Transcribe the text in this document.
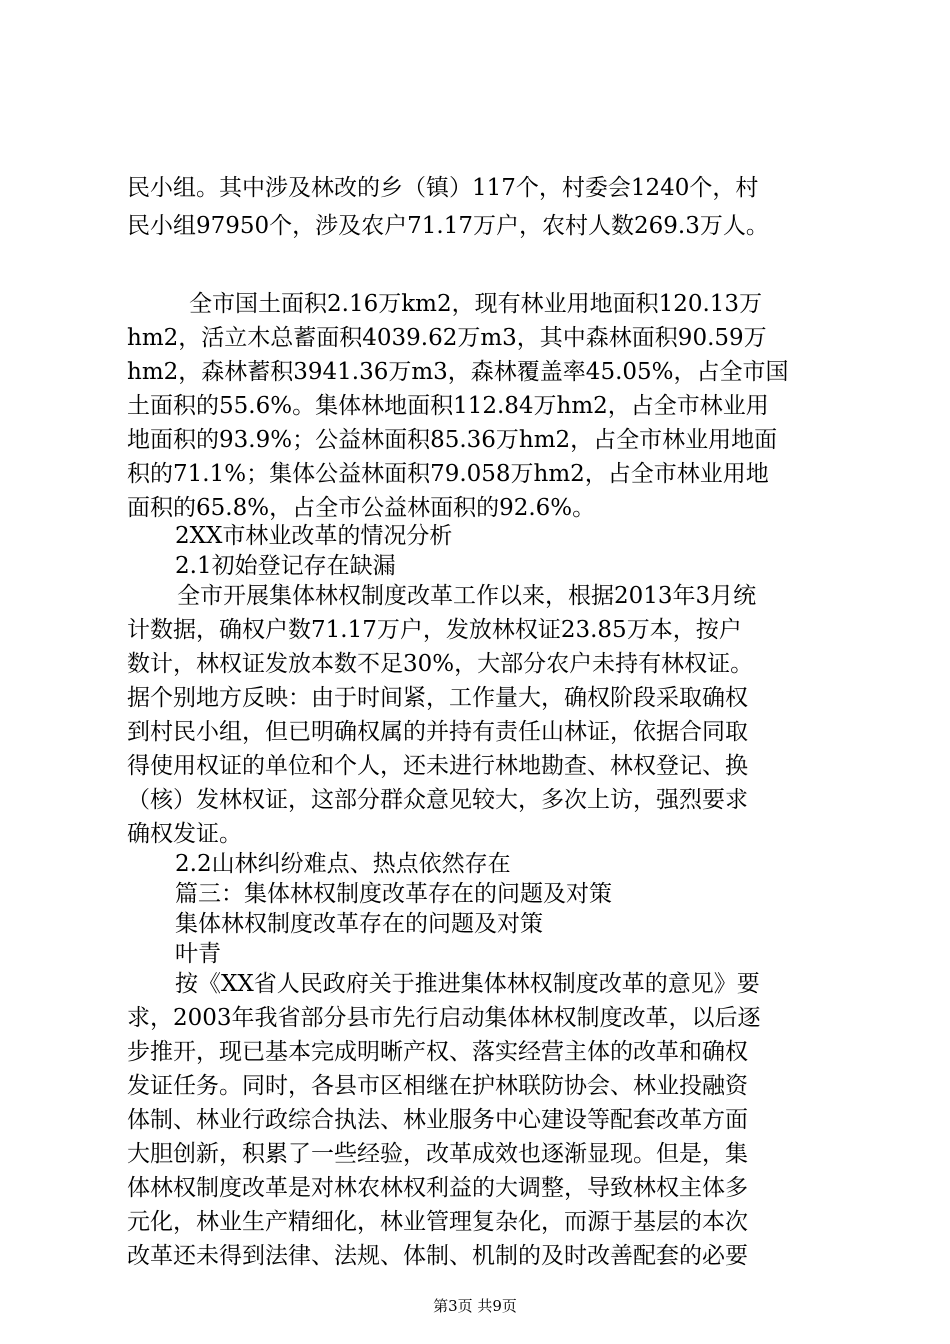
民小组。其中涉及林改的乡（镇）117个，村委会1240个，村
民小组97950个，涉及农户71.17万户，农村人数269.3万人。
全市国土面积2.16万km2，现有林业用地面积120.13万
hm2，活立木总蓄面积4039.62万m3，其中森林面积90.59万
hm2，森林蓄积3941.36万m3，森林覆盖率45.05%，占全市国
土面积的55.6%。集体林地面积112.84万hm2，占全市林业用
地面积的93.9%；公益林面积85.36万hm2，占全市林业用地面
积的71.1%；集体公益林面积79.058万hm2，占全市林业用地
面积的65.8%，占全市公益林面积的92.6%。
2XX市林业改革的情况分析
2.1初始登记存在缺漏
全市开展集体林权制度改革工作以来，根据2013年3月统
计数据，确权户数71.17万户，发放林权证23.85万本，按户
数计，林权证发放本数不足30%，大部分农户未持有林权证。
据个别地方反映：由于时间紧，工作量大，确权阶段采取确权
到村民小组，但已明确权属的并持有责任山林证，依据合同取
得使用权证的单位和个人，还未进行林地勘查、林权登记、换
（核）发林权证，这部分群众意见较大，多次上访，强烈要求
确权发证。
2.2山林纠纷难点、热点依然存在
篇三：集体林权制度改革存在的问题及对策
集体林权制度改革存在的问题及对策
叶青
按《XX省人民政府关于推进集体林权制度改革的意见》要
求，2003年我省部分县市先行启动集体林权制度改革，以后逐
步推开，现已基本完成明晰产权、落实经营主体的改革和确权
发证任务。同时，各县市区相继在护林联防协会、林业投融资
体制、林业行政综合执法、林业服务中心建设等配套改革方面
大胆创新，积累了一些经验，改革成效也逐渐显现。但是，集
体林权制度改革是对林农林权利益的大调整，导致林权主体多
元化，林业生产精细化，林业管理复杂化，而源于基层的本次
改革还未得到法律、法规、体制、机制的及时改善配套的必要
第3页 共9页
